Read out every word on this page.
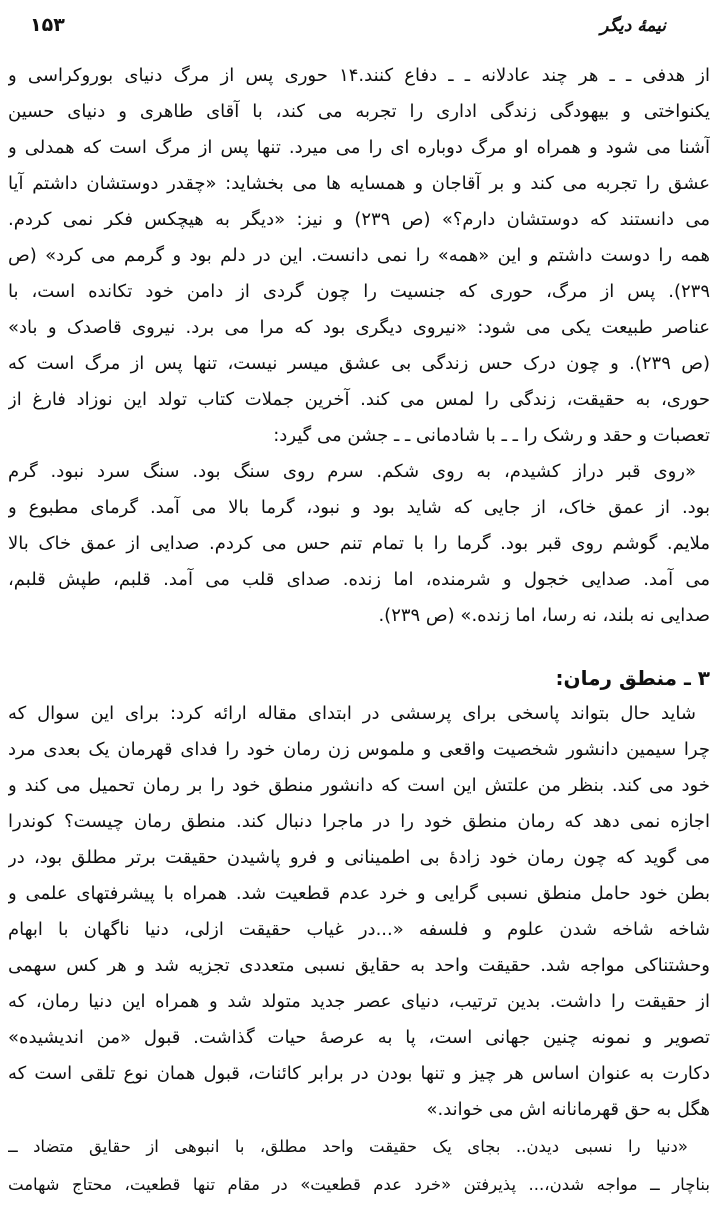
نیمهٔ دیگر
۱۵۳
از هدفی ـ ـ هر چند عادلانه ـ ـ دفاع کنند.۱۴ حوری پس از مرگ دنیای بوروکراسی و
یکنواختی و بیهودگی زندگی اداری را تجربه می کند، با آقای طاهری و دنیای حسین
آشنا می شود و همراه او مرگ دوباره ای را می میرد. تنها پس از مرگ است که همدلی و
عشق را تجربه می کند و بر آقاجان و همسایه ها می بخشاید: «چقدر دوستشان داشتم آیا
می دانستند که دوستشان دارم؟» (ص ۲۳۹) و نیز: «دیگر به هیچکس فکر نمی کردم.
همه را دوست داشتم و این «همه» را نمی دانست. این در دلم بود و گرمم می کرد» (ص
۲۳۹). پس از مرگ، حوری که جنسیت را چون گردی از دامن خود تکانده است، با
عناصر طبیعت یکی می شود: «نیروی دیگری بود که مرا می برد. نیروی قاصدک و باد»
(ص ۲۳۹). و چون درک حس زندگی بی عشق میسر نیست، تنها پس از مرگ است که
حوری، به حقیقت، زندگی را لمس می کند. آخرین جملات کتاب تولد این نوزاد فارغ از
تعصبات و حقد و رشک را ـ ـ با شادمانی ـ ـ جشن می گیرد:
«روی قبر دراز کشیدم، به روی شکم. سرم روی سنگ بود. سنگ سرد نبود. گرم
بود. از عمق خاک، از جایی که شاید بود و نبود، گرما بالا می آمد. گرمای مطبوع و
ملایم. گوشم روی قبر بود. گرما را با تمام تنم حس می کردم. صدایی از عمق خاک بالا
می آمد. صدایی خجول و شرمنده، اما زنده. صدای قلب می آمد. قلبم، طپش قلبم،
صدایی نه بلند، نه رسا، اما زنده.» (ص ۲۳۹).
۳ ـ منطق رمان:
شاید حال بتواند پاسخی برای پرسشی در ابتدای مقاله ارائه کرد: برای این سوال که
چرا سیمین دانشور شخصیت واقعی و ملموس زن رمان خود را فدای قهرمان یک بعدی مرد
خود می کند. بنظر من علتش این است که دانشور منطق خود را بر رمان تحمیل می کند و
اجازه نمی دهد که رمان منطق خود را در ماجرا دنبال کند. منطق رمان چیست؟ کوندرا
می گوید که چون رمان خود زادهٔ بی اطمینانی و فرو پاشیدن حقیقت برتر مطلق بود، در
بطن خود حامل منطق نسبی گرایی و خرد عدم قطعیت شد. همراه با پیشرفتهای علمی و
شاخه شاخه شدن علوم و فلسفه «...در غیاب حقیقت ازلی، دنیا ناگهان با ابهام
وحشتناکی مواجه شد. حقیقت واحد به حقایق نسبی متعددی تجزیه شد و هر کس سهمی
از حقیقت را داشت. بدین ترتیب، دنیای عصر جدید متولد شد و همراه این دنیا رمان، که
تصویر و نمونه چنین جهانی است، پا به عرصهٔ حیات گذاشت. قبول «من اندیشیده»
دکارت به عنوان اساس هر چیز و تنها بودن در برابر کائنات، قبول همان نوع تلقی است که
هگل به حق قهرمانانه اش می خواند.»
«دنیا را نسبی دیدن.. بجای یک حقیقت واحد مطلق، با انبوهی از حقایق متضاد ــ
بناچار ــ مواجه شدن،... پذیرفتن «خرد عدم قطعیت» در مقام تنها قطعیت، محتاج شهامت
